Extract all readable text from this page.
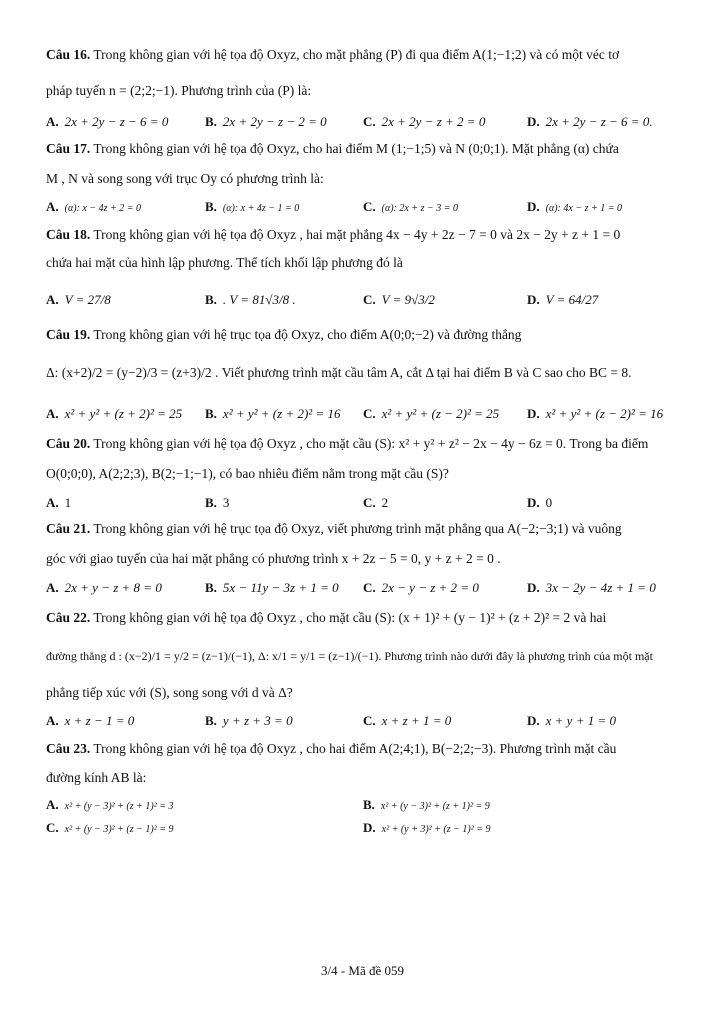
Câu 16. Trong không gian với hệ tọa độ Oxyz, cho mặt phẳng (P) đi qua điểm A(1;−1;2) và có một véc tơ
pháp tuyến n = (2;2;−1). Phương trình của (P) là:
A. 2x + 2y − z − 6 = 0	B. 2x + 2y − z − 2 = 0	C. 2x + 2y − z + 2 = 0	D. 2x + 2y − z − 6 = 0.
Câu 17. Trong không gian với hệ tọa độ Oxyz, cho hai điểm M (1;−1;5) và N (0;0;1). Mặt phẳng (α) chứa
M , N và song song với trục Oy có phương trình là:
A. (α): x − 4z + 2 = 0	B. (α): x + 4z − 1 = 0	C. (α): 2x + z − 3 = 0	D. (α): 4x − z + 1 = 0
Câu 18. Trong không gian với hệ tọa độ Oxyz , hai mặt phẳng 4x − 4y + 2z − 7 = 0 và 2x − 2y + z + 1 = 0
chứa hai mặt của hình lập phương. Thể tích khối lập phương đó là
A. V = 27/8	B. . V = 81√3/8 .	C. V = 9√3/2	D. V = 64/27
Câu 19. Trong không gian với hệ trục tọa độ Oxyz, cho điểm A(0;0;−2) và đường thẳng
Δ: (x+2)/2 = (y−2)/3 = (z+3)/2 . Viết phương trình mặt cầu tâm A, cắt Δ tại hai điểm B và C sao cho BC = 8.
A. x² + y² + (z + 2)² = 25 B. x² + y² + (z + 2)² = 16 C. x² + y² + (z − 2)² = 25 D. x² + y² + (z − 2)² = 16
Câu 20. Trong không gian với hệ tọa độ Oxyz , cho mặt cầu (S): x² + y² + z² − 2x − 4y − 6z = 0. Trong ba điểm
O(0;0;0), A(2;2;3), B(2;−1;−1), có bao nhiêu điểm nằm trong mặt cầu (S)?
A. 1	B. 3	C. 2	D. 0
Câu 21. Trong không gian với hệ trục tọa độ Oxyz, viết phương trình mặt phẳng qua A(−2;−3;1) và vuông
góc với giao tuyến của hai mặt phẳng có phương trình x + 2z − 5 = 0, y + z + 2 = 0 .
A. 2x + y − z + 8 = 0	B. 5x − 11y − 3z + 1 = 0 C. 2x − y − z + 2 = 0	D. 3x − 2y − 4z + 1 = 0
Câu 22. Trong không gian với hệ tọa độ Oxyz , cho mặt cầu (S): (x + 1)² + (y − 1)² + (z + 2)² = 2 và hai
đường thẳng d : (x−2)/1 = y/2 = (z−1)/(−1), Δ: x/1 = y/1 = (z−1)/(−1). Phương trình nào dưới đây là phương trình của một mặt
phẳng tiếp xúc với (S), song song với d và Δ?
A. x + z − 1 = 0	B. y + z + 3 = 0	C. x + z + 1 = 0	D. x + y + 1 = 0
Câu 23. Trong không gian với hệ tọa độ Oxyz , cho hai điểm A(2;4;1), B(−2;2;−3). Phương trình mặt cầu
đường kính AB là:
A. x² + (y − 3)² + (z + 1)² = 3	B. x² + (y − 3)² + (z + 1)² = 9
C. x² + (y − 3)² + (z − 1)² = 9	D. x² + (y + 3)² + (z − 1)² = 9
3/4 - Mã đề 059
